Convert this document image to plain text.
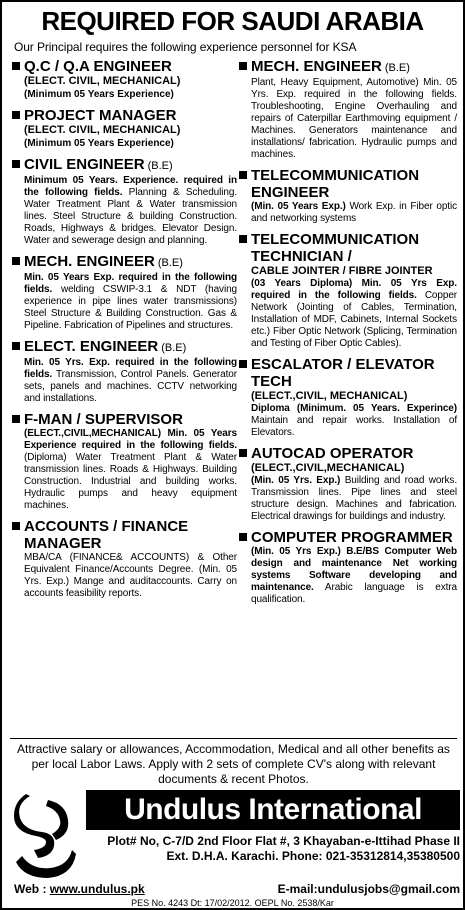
REQUIRED FOR SAUDI ARABIA
Our Principal requires the following experience personnel for KSA
Q.C / Q.A ENGINEER
(ELECT. CIVIL, MECHANICAL)
(Minimum 05 Years Experience)
PROJECT MANAGER
(ELECT. CIVIL, MECHANICAL)
(Minimum 05 Years Experience)
CIVIL ENGINEER (B.E)
Minimum 05 Years. Experience. required in the following fields. Planning & Scheduling. Water Treatment Plant & Water transmission lines. Steel Structure & building Construction. Roads, Highways & bridges. Elevator Design. Water and sewerage design and planning.
MECH. ENGINEER (B.E)
Min. 05 Years Exp. required in the following fields. welding CSWIP-3.1 & NDT (having experience in pipe lines water transmissions) Steel Structure & Building Construction. Gas & Pipeline. Fabrication of Pipelines and structures.
ELECT. ENGINEER (B.E)
Min. 05 Yrs. Exp. required in the following fields. Transmission, Control Panels. Generator sets, panels and machines. CCTV networking and installations.
F-MAN / SUPERVISOR
(ELECT.,CIVIL,MECHANICAL) Min. 05 Years Experience required in the following fields. (Diploma) Water Treatment Plant & Water transmission lines. Roads & Highways. Building Construction. Industrial and building works. Hydraulic pumps and heavy equipment machines.
ACCOUNTS / FINANCE MANAGER
MBA/CA (FINANCE& ACCOUNTS) & Other Equivalent Finance/Accounts Degree. (Min. 05 Yrs. Exp.) Mange and auditaccounts. Carry on accounts feasibility reports.
MECH. ENGINEER (B.E)
Plant, Heavy Equipment, Automotive) Min. 05 Yrs. Exp. required in the following fields. Troubleshooting, Engine Overhauling and repairs of Caterpillar Earthmoving equipment / Machines. Generators maintenance and installations/ fabrication. Hydraulic pumps and machines.
TELECOMMUNICATION ENGINEER
(Min. 05 Years Exp.) Work Exp. in Fiber optic and networking systems
TELECOMMUNICATION TECHNICIAN /
CABLE JOINTER / FIBRE JOINTER
(03 Years Diploma) Min. 05 Yrs Exp. required in the following fields. Copper Network (Jointing of Cables, Termination, Installation of MDF, Cabinets, Internal Sockets etc.) Fiber Optic Network (Splicing, Termination and Testing of Fiber Optic Cables).
ESCALATOR / ELEVATOR TECH
(ELECT.,CIVIL, MECHANICAL)
Diploma (Minimum. 05 Years. Experince) Maintain and repair works. Installation of Elevators.
AUTOCAD OPERATOR
(ELECT.,CIVIL,MECHANICAL)
(Min. 05 Yrs. Exp.) Building and road works. Transmission lines. Pipe lines and steel structure design. Machines and fabrication. Electrical drawings for buildings and industry.
COMPUTER PROGRAMMER
(Min. 05 Yrs Exp.) B.E/BS Computer Web design and maintenance Net working systems Software developing and maintenance. Arabic language is extra qualification.
Attractive salary or allowances, Accommodation, Medical and all other benefits as per local Labor Laws. Apply with 2 sets of complete CV's along with relevant documents & recent Photos.
Undulus International
Plot# No, C-7/D 2nd Floor Flat #, 3 Khayaban-e-Ittihad Phase II
Ext. D.H.A. Karachi. Phone: 021-35312814,35380500
Web : www.undulus.pk	E-mail:undulusjobs@gmail.com
PES No. 4243 Dt: 17/02/2012. OEPL No. 2538/Kar
